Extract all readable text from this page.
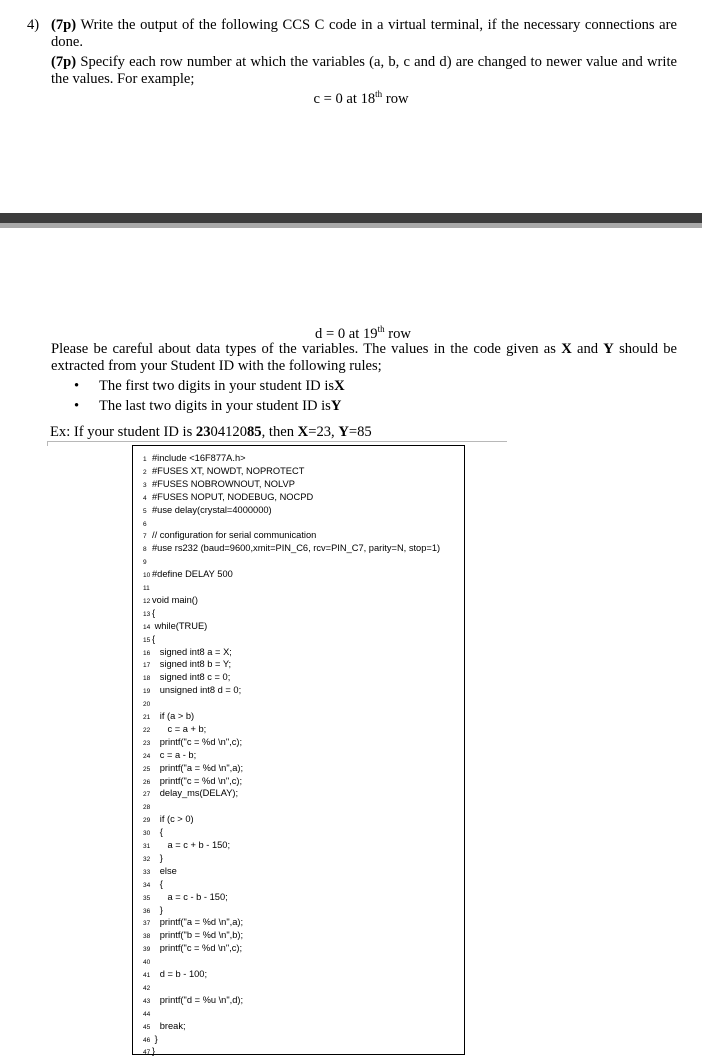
4) (7p) Write the output of the following CCS C code in a virtual terminal, if the necessary connections are done.
(7p) Specify each row number at which the variables (a, b, c and d) are changed to newer value and write the values. For example;
c = 0 at 18th row
d = 0 at 19th row
Please be careful about data types of the variables. The values in the code given as X and Y should be extracted from your Student ID with the following rules;
•	The first two digits in your student ID is X
•	The last two digits in your student ID is Y
Ex: If your student ID is 230412085, then X=23, Y=85
1 #include <16F877A.h>
2 #FUSES XT, NOWDT, NOPROTECT
3 #FUSES NOBROWNOUT, NOLVP
4 #FUSES NOPUT, NODEBUG, NOCPD
5 #use delay(crystal=4000000)
6
7 // configuration for serial communication
8 #use rs232 (baud=9600,xmit=PIN_C6, rcv=PIN_C7, parity=N, stop=1)
9
10 #define DELAY 500
11
12 void main()
13 {
14 while(TRUE)
15 {
16   signed int8 a = X;
17   signed int8 b = Y;
18   signed int8 c = 0;
19   unsigned int8 d = 0;
20
21   if (a > b)
22      c = a + b;
23   printf("c = %d \n",c);
24   c = a - b;
25   printf("a = %d \n",a);
26   printf("c = %d \n",c);
27   delay_ms(DELAY);
28
29   if (c > 0)
30   {
31      a = c + b - 150;
32   }
33   else
34   {
35      a = c - b - 150;
36   }
37   printf("a = %d \n",a);
38   printf("b = %d \n",b);
39   printf("c = %d \n",c);
40
41   d = b - 100;
42
43   printf("d = %u \n",d);
44
45   break;
46 }
47 }
